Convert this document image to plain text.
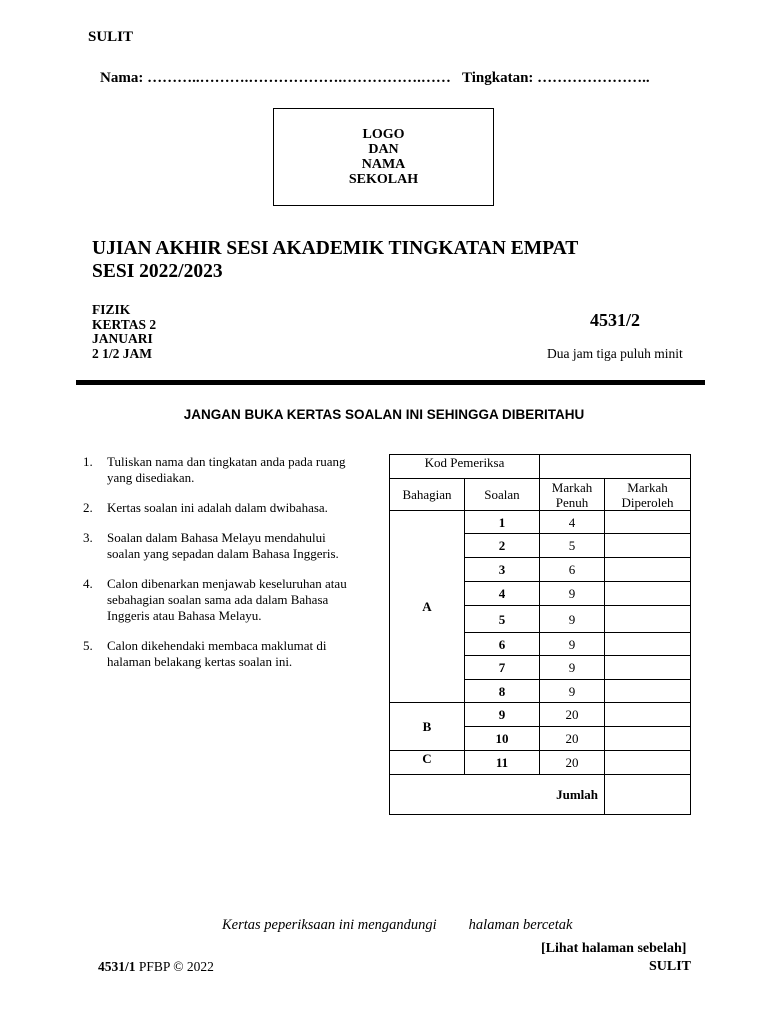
SULIT
Nama: ………..……….……………….…………….…… Tingkatan: …………………..
LOGO
DAN
NAMA
SEKOLAH
UJIAN AKHIR SESI AKADEMIK TINGKATAN EMPAT
SESI 2022/2023
FIZIK
KERTAS 2
JANUARI
2 1/2 JAM
4531/2
Dua jam tiga puluh minit
JANGAN BUKA KERTAS SOALAN INI SEHINGGA DIBERITAHU
1.	Tuliskan nama dan tingkatan anda pada ruang yang disediakan.
2.	Kertas soalan ini adalah dalam dwibahasa.
3.	Soalan dalam Bahasa Melayu mendahului soalan yang sepadan dalam Bahasa Inggeris.
4.	Calon dibenarkan menjawab keseluruhan atau sebahagian soalan sama ada dalam Bahasa Inggeris atau Bahasa Melayu.
5.	Calon dikehendaki membaca maklumat di halaman belakang kertas soalan ini.
Kod Pemeriksa			
Bahagian	Soalan	Markah Penuh	Markah Diperoleh
A	1	4	
	2	5	
	3	6	
	4	9	
	5	9	
	6	9	
	7	9	
	8	9	
B	9	20	
	10	20	
C	11	20	
Jumlah			
Kertas peperiksaan ini mengandungi halaman bercetak
[Lihat halaman sebelah]
4531/1 PFBP © 2022	SULIT
